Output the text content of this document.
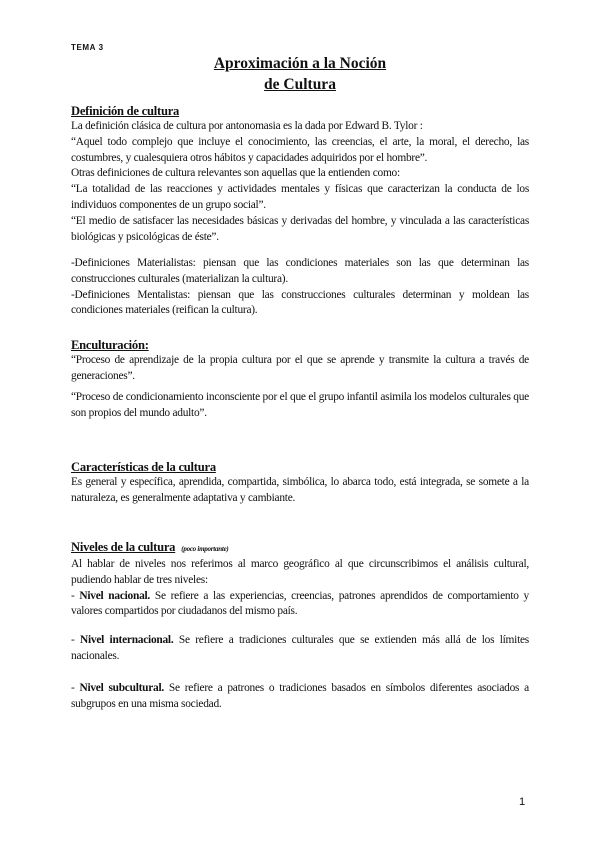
TEMA 3
Aproximación a la Noción
de Cultura
Definición de cultura

La definición clásica de cultura por antonomasia es la dada por Edward B. Tylor :

“Aquel todo complejo que incluye el conocimiento, las creencias, el arte, la moral, el derecho, las costumbres, y cualesquiera otros hábitos y capacidades adquiridos por el hombre”.

Otras definiciones de cultura relevantes son aquellas que la entienden como:

“La totalidad de las reacciones y actividades mentales y físicas que caracterizan la conducta de los individuos componentes de un grupo social”.

“El medio de satisfacer las necesidades básicas y derivadas del hombre, y vinculada a las características biológicas y psicológicas de éste”.

-Definiciones Materialistas: piensan que las condiciones materiales son las que determinan las construcciones culturales (materializan la cultura).

-Definiciones Mentalistas: piensan que las construcciones culturales determinan y moldean las condiciones materiales (reifican la cultura).

Enculturación:

“Proceso de aprendizaje de la propia cultura por el que se aprende y transmite la cultura a través de generaciones”.

“Proceso de condicionamiento inconsciente por el que el grupo infantil asimila los modelos culturales que son propios del mundo adulto”.

Características de la cultura

Es general y específica, aprendida, compartida, simbólica, lo abarca todo, está integrada, se somete a la naturaleza, es generalmente adaptativa y cambiante.

Niveles de la cultura (poco importante)

Al hablar de niveles nos referimos al marco geográfico al que circunscribimos el análisis cultural, pudiendo hablar de tres niveles:

- Nivel nacional. Se refiere a las experiencias, creencias, patrones aprendidos de comportamiento y valores compartidos por ciudadanos del mismo país.

- Nivel internacional. Se refiere a tradiciones culturales que se extienden más allá de los límites nacionales.

- Nivel subcultural. Se refiere a patrones o tradiciones basados en símbolos diferentes asociados a subgrupos en una misma sociedad.

1
